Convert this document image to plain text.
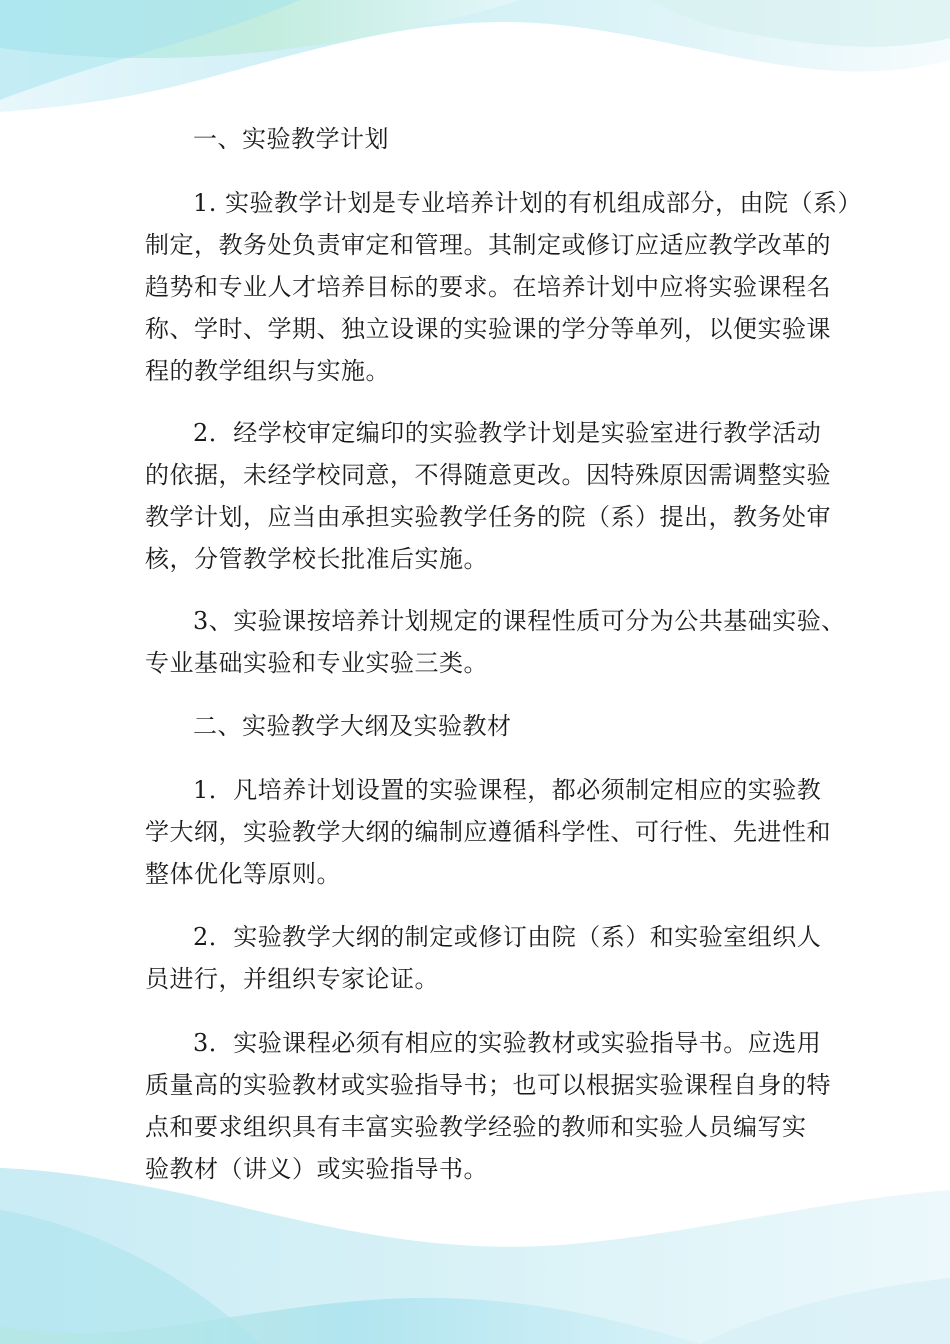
一、实验教学计划
1. 实验教学计划是专业培养计划的有机组成部分，由院（系）
制定，教务处负责审定和管理。其制定或修订应适应教学改革的
趋势和专业人才培养目标的要求。在培养计划中应将实验课程名
称、学时、学期、独立设课的实验课的学分等单列，以便实验课
程的教学组织与实施。
2．经学校审定编印的实验教学计划是实验室进行教学活动
的依据，未经学校同意，不得随意更改。因特殊原因需调整实验
教学计划，应当由承担实验教学任务的院（系）提出，教务处审
核，分管教学校长批准后实施。
3、实验课按培养计划规定的课程性质可分为公共基础实验、
专业基础实验和专业实验三类。
二、实验教学大纲及实验教材
1．凡培养计划设置的实验课程，都必须制定相应的实验教
学大纲，实验教学大纲的编制应遵循科学性、可行性、先进性和
整体优化等原则。
2．实验教学大纲的制定或修订由院（系）和实验室组织人
员进行，并组织专家论证。
3．实验课程必须有相应的实验教材或实验指导书。应选用
质量高的实验教材或实验指导书；也可以根据实验课程自身的特
点和要求组织具有丰富实验教学经验的教师和实验人员编写实
验教材（讲义）或实验指导书。
